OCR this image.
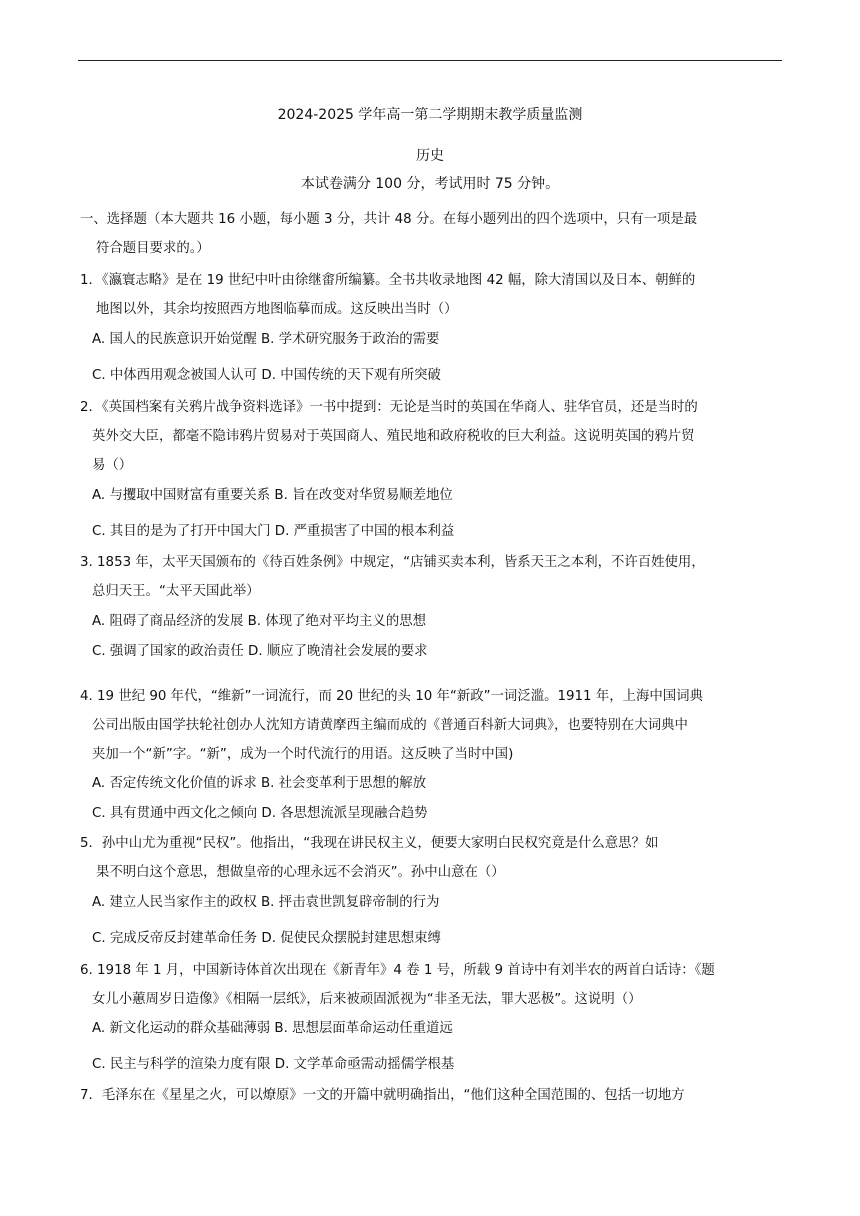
2024-2025 学年高一第二学期期末教学质量监测
历史
本试卷满分 100 分，考试用时 75 分钟。
一、选择题（本大题共 16 小题，每小题 3 分，共计 48 分。在每小题列出的四个选项中，只有一项是最
符合题目要求的。）
1．《瀛寰志略》是在 19 世纪中叶由徐继畬所编纂。全书共收录地图 42 幅，除大清国以及日本、朝鲜的
地图以外，其余均按照西方地图临摹而成。这反映出当时（）
A. 国人的民族意识开始觉醒 B. 学术研究服务于政治的需要
C. 中体西用观念被国人认可 D. 中国传统的天下观有所突破
2．《英国档案有关鸦片战争资料选译》一书中提到：无论是当时的英国在华商人、驻华官员，还是当时的
英外交大臣，都毫不隐讳鸦片贸易对于英国商人、殖民地和政府税收的巨大利益。这说明英国的鸦片贸
易（）
A. 与攫取中国财富有重要关系 B. 旨在改变对华贸易顺差地位
C. 其目的是为了打开中国大门 D. 严重损害了中国的根本利益
3. 1853 年，太平天国颁布的《待百姓条例》中规定，“店铺买卖本利，皆系天王之本利，不许百姓使用，
总归天王。“太平天国此举）
A. 阻碍了商品经济的发展 B. 体现了绝对平均主义的思想
C. 强调了国家的政治责任 D. 顺应了晚清社会发展的要求
4. 19 世纪 90 年代，“维新”一词流行，而 20 世纪的头 10 年“新政”一词泛滥。1911 年，上海中国词典
公司出版由国学扶轮社创办人沈知方请黄摩西主编而成的《普通百科新大词典》，也要特别在大词典中
夹加一个“新”字。“新”，成为一个时代流行的用语。这反映了当时中国)
A. 否定传统文化价值的诉求 B. 社会变革利于思想的解放
C. 具有贯通中西文化之倾向 D. 各思想流派呈现融合趋势
5．孙中山尤为重视“民权”。他指出，“我现在讲民权主义，便要大家明白民权究竟是什么意思？如
果不明白这个意思，想做皇帝的心理永远不会消灭”。孙中山意在（）
A. 建立人民当家作主的政权 B. 抨击袁世凯复辟帝制的行为
C. 完成反帝反封建革命任务 D. 促使民众摆脱封建思想束缚
6. 1918 年 1 月，中国新诗体首次出现在《新青年》4 卷 1 号，所载 9 首诗中有刘半农的两首白话诗：《题
女儿小蕙周岁日造像》《相隔一层纸》，后来被顽固派视为“非圣无法，罪大恶极”。这说明（）
A. 新文化运动的群众基础薄弱 B. 思想层面革命运动任重道远
C. 民主与科学的渲染力度有限 D. 文学革命亟需动摇儒学根基
7．毛泽东在《星星之火，可以燎原》一文的开篇中就明确指出，“他们这种全国范围的、包括一切地方
